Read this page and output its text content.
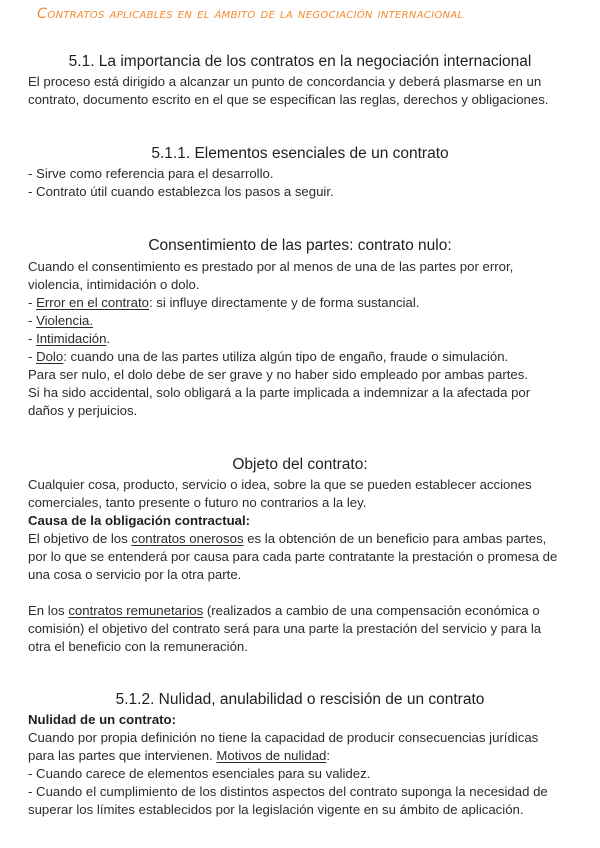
Contratos aplicables en el ámbito de la negociación internacional
5.1. La importancia de los contratos en la negociación internacional
El proceso está dirigido a alcanzar un punto de concordancia y deberá plasmarse en un
contrato, documento escrito en el que se especifican las reglas, derechos y obligaciones.
5.1.1. Elementos esenciales de un contrato
- Sirve como referencia para el desarrollo.
- Contrato útil cuando establezca los pasos a seguir.
Consentimiento de las partes: contrato nulo:
Cuando el consentimiento es prestado por al menos de una de las partes por error,
violencia, intimidación o dolo.
- Error en el contrato: si influye directamente y de forma sustancial.
- Violencia.
- Intimidación.
- Dolo: cuando una de las partes utiliza algún tipo de engaño, fraude o simulación.
Para ser nulo, el dolo debe de ser grave y no haber sido empleado por ambas partes.
Si ha sido accidental, solo obligará a la parte implicada a indemnizar a la afectada por
daños y perjuicios.
Objeto del contrato:
Cualquier cosa, producto, servicio o idea, sobre la que se pueden establecer acciones
comerciales, tanto presente o futuro no contrarios a la ley.
Causa de la obligación contractual:
El objetivo de los contratos onerosos es la obtención de un beneficio para ambas partes,
por lo que se entenderá por causa para cada parte contratante la prestación o promesa de
una cosa o servicio por la otra parte.
En los contratos remunetarios (realizados a cambio de una compensación económica o
comisión) el objetivo del contrato será para una parte la prestación del servicio y para la
otra el beneficio con la remuneración.
5.1.2. Nulidad, anulabilidad o rescisión de un contrato
Nulidad de un contrato:
Cuando por propia definición no tiene la capacidad de producir consecuencias jurídicas
para las partes que intervienen. Motivos de nulidad:
- Cuando carece de elementos esenciales para su validez.
- Cuando el cumplimiento de los distintos aspectos del contrato suponga la necesidad de
superar los límites establecidos por la legislación vigente en su ámbito de aplicación.
